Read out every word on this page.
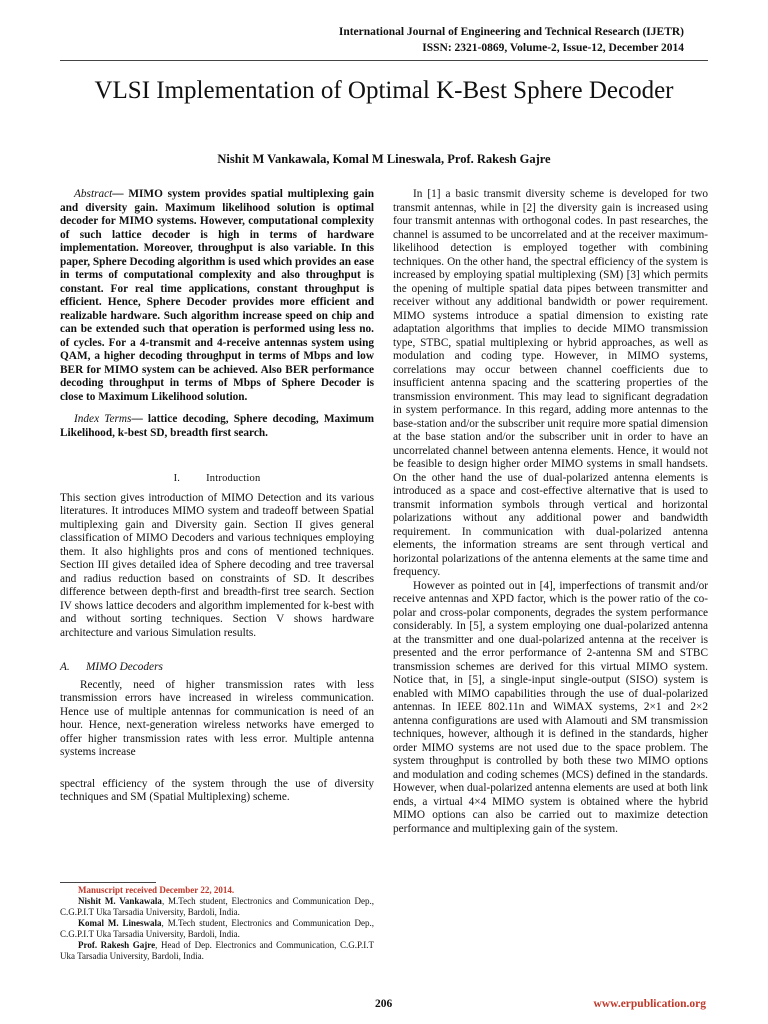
International Journal of Engineering and Technical Research (IJETR)
ISSN: 2321-0869, Volume-2, Issue-12, December 2014
VLSI Implementation of Optimal K-Best Sphere Decoder
Nishit M Vankawala, Komal M Lineswala, Prof. Rakesh Gajre

Abstract— MIMO system provides spatial multiplexing gain and diversity gain. Maximum likelihood solution is optimal decoder for MIMO systems. However, computational complexity of such lattice decoder is high in terms of hardware implementation. Moreover, throughput is also variable. In this paper, Sphere Decoding algorithm is used which provides an ease in terms of computational complexity and also throughput is constant. For real time applications, constant throughput is efficient. Hence, Sphere Decoder provides more efficient and realizable hardware. Such algorithm increase speed on chip and can be extended such that operation is performed using less no. of cycles. For a 4-transmit and 4-receive antennas system using QAM, a higher decoding throughput in terms of Mbps and low BER for MIMO system can be achieved. Also BER performance decoding throughput in terms of Mbps of Sphere Decoder is close to Maximum Likelihood solution.

Index Terms— lattice decoding, Sphere decoding, Maximum Likelihood, k-best SD, breadth first search.

I. Introduction

This section gives introduction of MIMO Detection and its various literatures. It introduces MIMO system and tradeoff between Spatial multiplexing gain and Diversity gain. Section II gives general classification of MIMO Decoders and various techniques employing them. It also highlights pros and cons of mentioned techniques. Section III gives detailed idea of Sphere decoding and tree traversal and radius reduction based on constraints of SD. It describes difference between depth-first and breadth-first tree search. Section IV shows lattice decoders and algorithm implemented for k-best with and without sorting techniques. Section V shows hardware architecture and various Simulation results.

A. MIMO Decoders

Recently, need of higher transmission rates with less transmission errors have increased in wireless communication. Hence use of multiple antennas for communication is need of an hour. Hence, next-generation wireless networks have emerged to offer higher transmission rates with less error. Multiple antenna systems increase

spectral efficiency of the system through the use of diversity techniques and SM (Spatial Multiplexing) scheme.

In [1] a basic transmit diversity scheme is developed for two transmit antennas, while in [2] the diversity gain is increased using four transmit antennas with orthogonal codes. In past researches, the channel is assumed to be uncorrelated and at the receiver maximum-likelihood detection is employed together with combining techniques. On the other hand, the spectral efficiency of the system is increased by employing spatial multiplexing (SM) [3] which permits the opening of multiple spatial data pipes between transmitter and receiver without any additional bandwidth or power requirement. MIMO systems introduce a spatial dimension to existing rate adaptation algorithms that implies to decide MIMO transmission type, STBC, spatial multiplexing or hybrid approaches, as well as modulation and coding type. However, in MIMO systems, correlations may occur between channel coefficients due to insufficient antenna spacing and the scattering properties of the transmission environment. This may lead to significant degradation in system performance. In this regard, adding more antennas to the base-station and/or the subscriber unit require more spatial dimension at the base station and/or the subscriber unit in order to have an uncorrelated channel between antenna elements. Hence, it would not be feasible to design higher order MIMO systems in small handsets. On the other hand the use of dual-polarized antenna elements is introduced as a space and cost-effective alternative that is used to transmit information symbols through vertical and horizontal polarizations without any additional power and bandwidth requirement. In communication with dual-polarized antenna elements, the information streams are sent through vertical and horizontal polarizations of the antenna elements at the same time and frequency.

However as pointed out in [4], imperfections of transmit and/or receive antennas and XPD factor, which is the power ratio of the co-polar and cross-polar components, degrades the system performance considerably. In [5], a system employing one dual-polarized antenna at the transmitter and one dual-polarized antenna at the receiver is presented and the error performance of 2-antenna SM and STBC transmission schemes are derived for this virtual MIMO system. Notice that, in [5], a single-input single-output (SISO) system is enabled with MIMO capabilities through the use of dual-polarized antennas. In IEEE 802.11n and WiMAX systems, 2×1 and 2×2 antenna configurations are used with Alamouti and SM transmission techniques, however, although it is defined in the standards, higher order MIMO systems are not used due to the space problem. The system throughput is controlled by both these two MIMO options and modulation and coding schemes (MCS) defined in the standards. However, when dual-polarized antenna elements are used at both link ends, a virtual 4×4 MIMO system is obtained where the hybrid MIMO options can also be carried out to maximize detection performance and multiplexing gain of the system.

Manuscript received December 22, 2014.

Nishit M. Vankawala, M.Tech student, Electronics and Communication Dep., C.G.P.I.T Uka Tarsadia University, Bardoli, India.

Komal M. Lineswala, M.Tech student, Electronics and Communication Dep., C.G.P.I.T Uka Tarsadia University, Bardoli, India.

Prof. Rakesh Gajre, Head of Dep. Electronics and Communication, C.G.P.I.T Uka Tarsadia University, Bardoli, India.

206	www.erpublication.org
